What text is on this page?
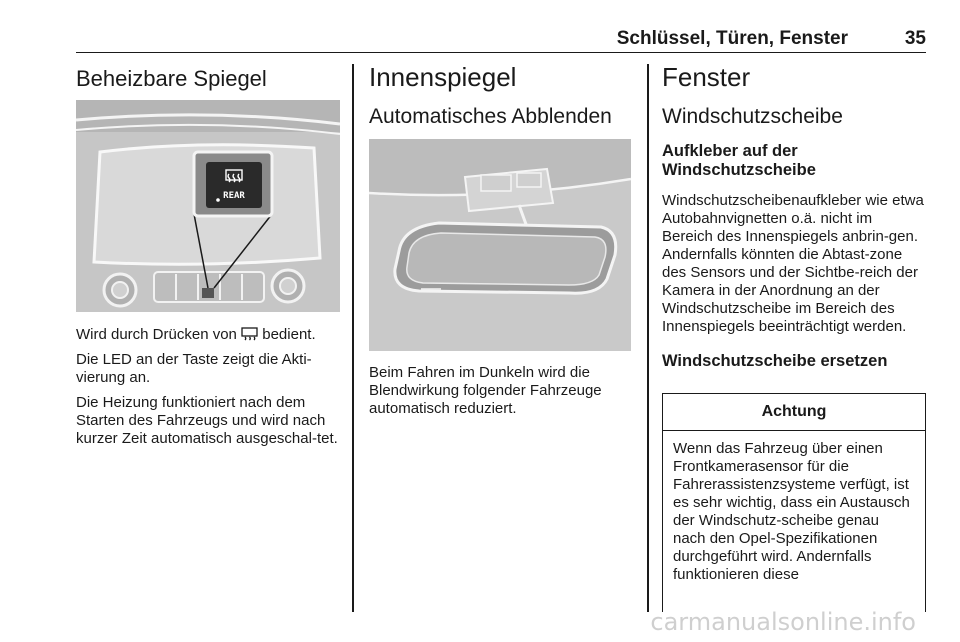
Schlüssel, Türen, Fenster	35
Beheizbare Spiegel
REAR

Wird durch Drücken von bedient.

Die LED an der Taste zeigt die Akti-vierung an.

Die Heizung funktioniert nach dem Starten des Fahrzeugs und wird nach kurzer Zeit automatisch ausgeschal-tet.

Innenspiegel
Automatisches Abblenden

Beim Fahren im Dunkeln wird die Blendwirkung folgender Fahrzeuge automatisch reduziert.

Fenster
Windschutzscheibe
Aufkleber auf der Windschutzscheibe

Windschutzscheibenaufkleber wie etwa Autobahnvignetten o.ä. nicht im Bereich des Innenspiegels anbrin-gen. Andernfalls könnten die Abtast-zone des Sensors und der Sichtbe-reich der Kamera in der Anordnung an der Windschutzscheibe im Bereich des Innenspiegels beeinträchtigt werden.

Windschutzscheibe ersetzen
Achtung
Wenn das Fahrzeug über einen Frontkamerasensor für die Fahrerassistenzsysteme verfügt, ist es sehr wichtig, dass ein Austausch der Windschutz-scheibe genau nach den Opel-Spezifikationen durchgeführt wird. Andernfalls funktionieren diese
carmanualsonline.info
